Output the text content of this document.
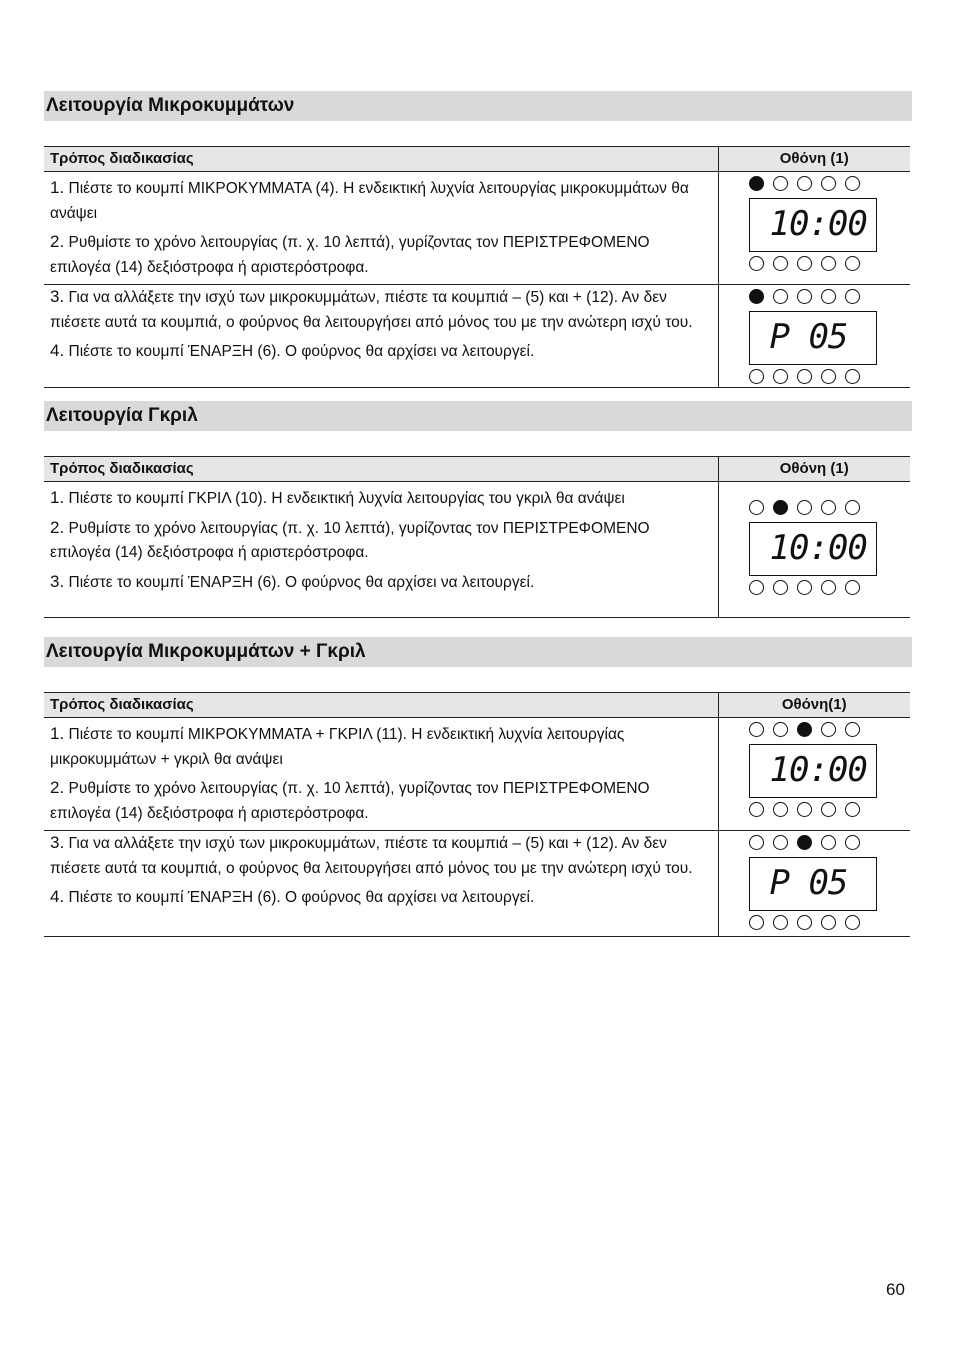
Λειτουργία Μικροκυμμάτων
Τρόπος διαδικασίας	Οθόνη (1)

1. Πιέστε το κουμπί ΜΙΚΡΟΚΥΜΜΑΤΑ (4). Η ενδεικτική λυχνία λειτουργίας μικροκυμμάτων θα ανάψει

2. Ρυθμίστε το χρόνο λειτουργίας (π. χ. 10 λεπτά), γυρίζοντας τον ΠΕΡΙΣΤΡΕΦΟΜΕΝΟ επιλογέα (14) δεξιόστροφα ή αριστερόστροφα.	10:00

3. Για να αλλάξετε την ισχύ των μικροκυμμάτων, πιέστε τα κουμπιά – (5) και + (12). Αν δεν πιέσετε αυτά τα κουμπιά, ο φούρνος θα λειτουργήσει από μόνος του με την ανώτερη ισχύ του.

4. Πιέστε το κουμπί ΈΝΑΡΞΗ (6). Ο φούρνος θα αρχίσει να λειτουργεί.	P 05
Λειτουργία Γκριλ
Τρόπος διαδικασίας	Οθόνη (1)

1. Πιέστε το κουμπί ΓΚΡΙΛ (10). Η ενδεικτική λυχνία λειτουργίας του γκριλ θα ανάψει

2. Ρυθμίστε το χρόνο λειτουργίας (π. χ. 10 λεπτά), γυρίζοντας τον ΠΕΡΙΣΤΡΕΦΟΜΕΝΟ επιλογέα (14) δεξιόστροφα ή αριστερόστροφα.

3. Πιέστε το κουμπί ΈΝΑΡΞΗ (6). Ο φούρνος θα αρχίσει να λειτουργεί.	10:00
Λειτουργία Μικροκυμμάτων + Γκριλ
Τρόπος διαδικασίας	Οθόνη(1)

1. Πιέστε το κουμπί ΜΙΚΡΟΚΥΜΜΑΤΑ + ΓΚΡΙΛ (11). Η ενδεικτική λυχνία λειτουργίας μικροκυμμάτων + γκριλ θα ανάψει

2. Ρυθμίστε το χρόνο λειτουργίας (π. χ. 10 λεπτά), γυρίζοντας τον ΠΕΡΙΣΤΡΕΦΟΜΕΝΟ επιλογέα (14) δεξιόστροφα ή αριστερόστροφα.	10:00

3. Για να αλλάξετε την ισχύ των μικροκυμμάτων, πιέστε τα κουμπιά – (5) και + (12). Αν δεν πιέσετε αυτά τα κουμπιά, ο φούρνος θα λειτουργήσει από μόνος του με την ανώτερη ισχύ του.

4. Πιέστε το κουμπί ΈΝΑΡΞΗ (6). Ο φούρνος θα αρχίσει να λειτουργεί.	P 05
60
